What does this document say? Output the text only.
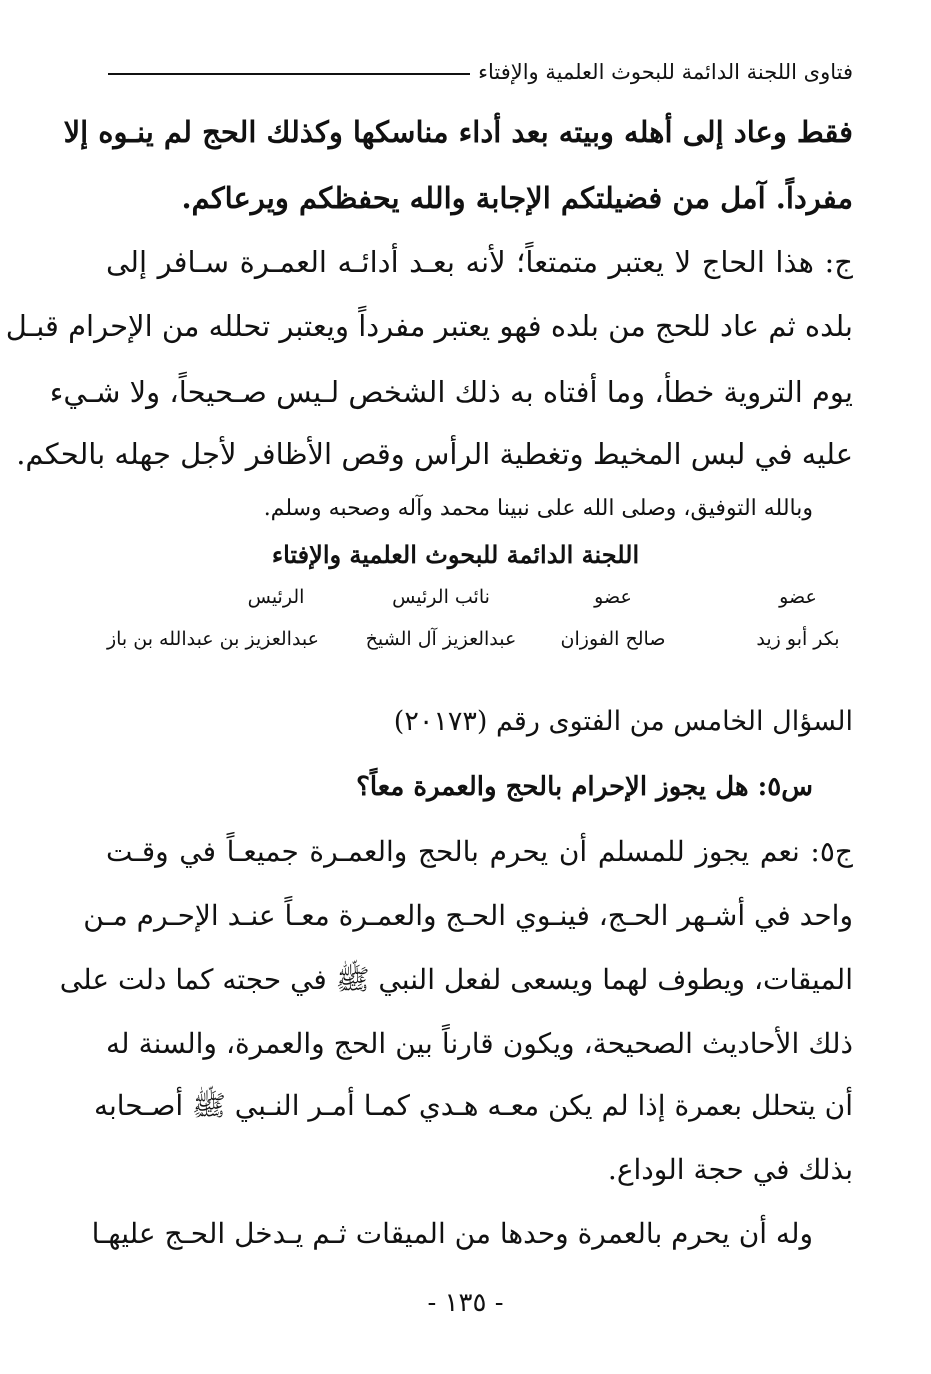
فتاوى اللجنة الدائمة للبحوث العلمية والإفتاء
فقط وعاد إلى أهله وبيته بعد أداء مناسكها وكذلك الحج لم ينـوه إلا
مفرداً. آمل من فضيلتكم الإجابة والله يحفظكم ويرعاكم.
ج: هذا الحاج لا يعتبر متمتعاً؛ لأنه بعـد أدائـه العمـرة سـافر إلى
بلده ثم عاد للحج من بلده فهو يعتبر مفرداً ويعتبر تحلله من الإحرام قبـل
يوم التروية خطأ، وما أفتاه به ذلك الشخص لـيس صـحيحاً، ولا شـيء
عليه في لبس المخيط وتغطية الرأس وقص الأظافر لأجل جهله بالحكم.
وبالله التوفيق، وصلى الله على نبينا محمد وآله وصحبه وسلم.
اللجنة الدائمة للبحوث العلمية والإفتاء
عضو
بكر أبو زيد
عضو
صالح الفوزان
نائب الرئيس
عبدالعزيز آل الشيخ
الرئيس
عبدالعزيز بن عبدالله بن باز
السؤال الخامس من الفتوى رقم (٢٠١٧٣)
س٥: هل يجوز الإحرام بالحج والعمرة معاً؟
ج٥: نعم يجوز للمسلم أن يحرم بالحج والعمـرة جميعـاً في وقـت
واحد في أشـهر الحـج، فينـوي الحـج والعمـرة معـاً عنـد الإحـرم مـن
الميقات، ويطوف لهما ويسعى لفعل النبي ﷺ في حجته كما دلت على
ذلك الأحاديث الصحيحة، ويكون قارناً بين الحج والعمرة، والسنة له
أن يتحلل بعمرة إذا لم يكن معـه هـدي كمـا أمـر النـبي ﷺ أصـحابه
بذلك في حجة الوداع.
وله أن يحرم بالعمرة وحدها من الميقات ثـم يـدخل الحـج عليهـا
- ١٣٥ -
